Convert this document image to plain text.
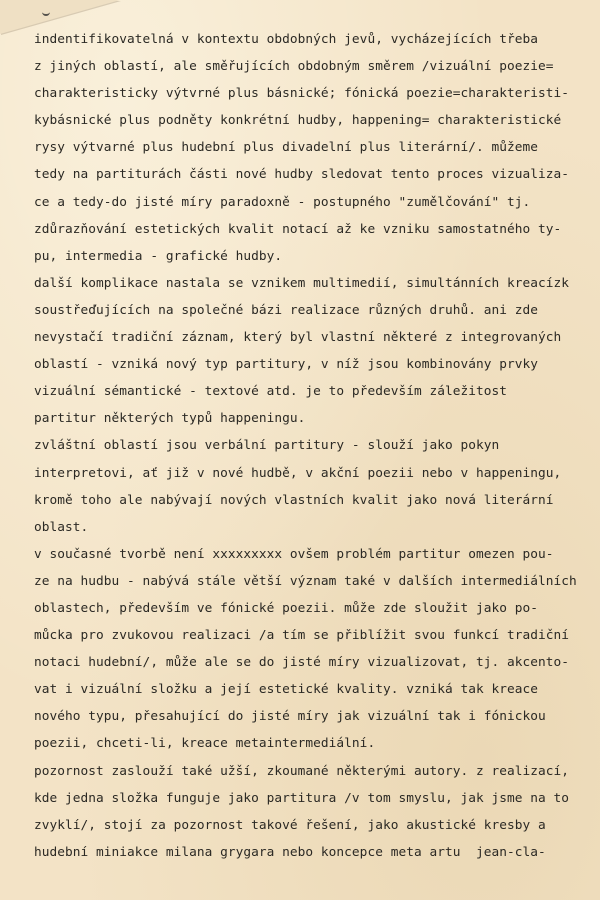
indentifikovatelná v kontextu obdobných jevů, vycházejících třeba
z jiných oblastí, ale směřujících obdobným směrem /vizuální poezie=
charakteristicky výtvrné plus básnické; fónická poezie=charakteristi-
kybásnické plus podněty konkrétní hudby, happening= charakteristické
rysy výtvarné plus hudební plus divadelní plus literární/. můžeme
tedy na partiturách části nové hudby sledovat tento proces vizualiza-
ce a tedy-do jisté míry paradoxně - postupného "zumělčování" tj.
zdůrazňování estetických kvalit notací až ke vzniku samostatného ty-
pu, intermedia - grafické hudby.
další komplikace nastala se vznikem multimedií, simultánních kreacízk
soustřeďujících na společné bázi realizace různých druhů. ani zde
nevystačí tradiční záznam, který byl vlastní některé z integrovaných
oblastí - vzniká nový typ partitury, v níž jsou kombinovány prvky
vizuální sémantické - textové atd. je to především záležitost
partitur některých typů happeningu.
zvláštní oblastí jsou verbální partitury - slouží jako pokyn
interpretovi, ať již v nové hudbě, v akční poezii nebo v happeningu,
kromě toho ale nabývají nových vlastních kvalit jako nová literární
oblast.
v současné tvorbě není xxxxxxxxx ovšem problém partitur omezen pou-
ze na hudbu - nabývá stále větší význam také v dalších intermediálních
oblastech, především ve fónické poezii. může zde sloužit jako po-
můcka pro zvukovou realizaci /a tím se přiblížit svou funkcí tradiční
notaci hudební/, může ale se do jisté míry vizualizovat, tj. akcento-
vat i vizuální složku a její estetické kvality. vzniká tak kreace
nového typu, přesahující do jisté míry jak vizuální tak i fónickou
poezii, chceti-li, kreace metaintermediální.
pozornost zaslouží také užší, zkoumané některými autory. z realizací,
kde jedna složka funguje jako partitura /v tom smyslu, jak jsme na to
zvyklí/, stojí za pozornost takové řešení, jako akustické kresby a
hudební miniakce milana grygara nebo koncepce meta artu  jean-cla-
